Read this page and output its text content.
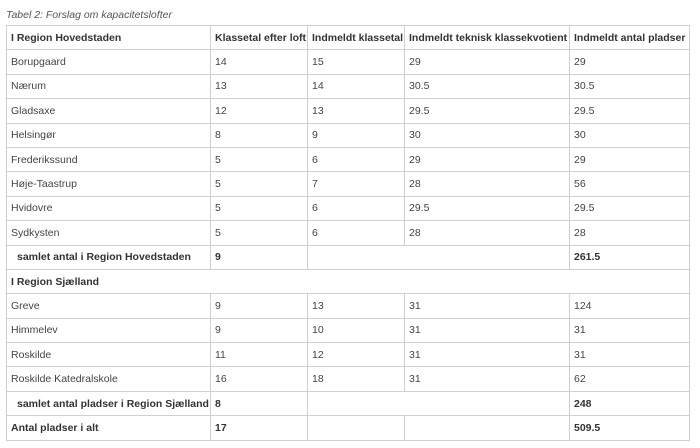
Tabel 2: Forslag om kapacitetslofter
I Region Hovedstaden	Klassetal efter loft	Indmeldt klassetal	Indmeldt teknisk klassekvotient	Indmeldt antal pladser
Borupgaard	14	15	29	29
Nærum	13	14	30.5	30.5
Gladsaxe	12	13	29.5	29.5
Helsingør	8	9	30	30
Frederikssund	5	6	29	29
Høje-Taastrup	5	7	28	56
Hvidovre	5	6	29.5	29.5
Sydkysten	5	6	28	28
samlet antal i Region Hovedstaden	9			261.5
I Region Sjælland				
Greve	9	13	31	124
Himmelev	9	10	31	31
Roskilde	11	12	31	31
Roskilde Katedralskole	16	18	31	62
samlet antal pladser i Region Sjælland	8			248
Antal pladser i alt	17			509.5
